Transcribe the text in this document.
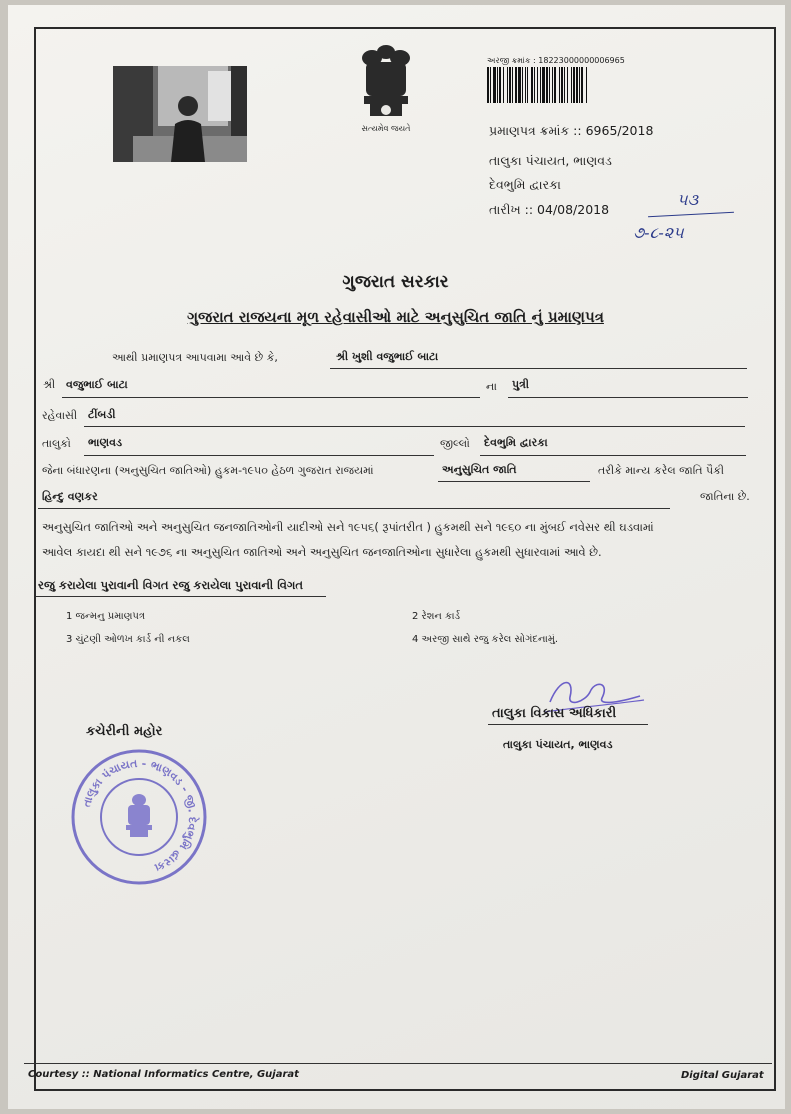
સત્યમેવ જયતે
અરજી ક્રમાંક : 18223000000006965
પ્રમાણપત્ર ક્રમાંક :: 6965/2018
તાલુકા પંચાયત, ભાણવડ
દેવભુમિ દ્વારકા
તારીખ :: 04/08/2018
૫૩
૭-૮-૨૫
ગુજરાત સરકાર
ગુજરાત રાજયના મૂળ રહેવાસીઓ માટે અનુસુચિત જાતિ નું પ્રમાણપત્ર
આથી પ્રમાણપત્ર આપવામા આવે છે કે,	શ્રી ખુશી વજુભાઈ બાટા
શ્રી વજુભાઈ બાટા	ના પુત્રી
રહેવાસી ટીંબડી
તાલુકો ભાણવડ	જીલ્લો દેવભુમિ દ્વારકા
જેના બંધારણના (અનુસુચિત જાતિઓ) હુકમ-૧૯૫૦ હેઠળ ગુજરાત રાજયમાં	અનુસુચિત જાતિ	તરીકે માન્ય કરેલ જાતિ પૈકી
હિન્દુ વણકર	જાતિના છે.
અનુસુચિત જાતિઓ અને અનુસુચિત જનજાતિઓની યાદીઓ સને ૧૯૫૬( રૂપાંતરીત ) હુકમથી સને ૧૯૬૦ ના મુંબઈ નવેસર થી ઘડવામાં
આવેલ કાયદા થી સને ૧૯૭૬ ના અનુસુચિત જાતિઓ અને અનુસુચિત જનજાતિઓના સુધારેલા હુકમથી સુધારવામાં આવે છે.
રજુ કરાયેલા પુરાવાની વિગત રજુ કરાયેલા પુરાવાની વિગત
1 જન્મનુ પ્રમાણપત્ર	2 રેશન કાર્ડ
3 ચુંટણી ઓળખ કાર્ડ ની નકલ	4 અરજી સાથે રજુ કરેલ સોગંદનામું.
તાલુકા વિકાસ અધિકારી
તાલુકા પંચાયત, ભાણવડ
કચેરીની મહોર
તાલુકા પંચાયત - ભાણવડ - જી. દેવભુમિ દ્વારકા
Courtesy :: National Informatics Centre, Gujarat	Digital Gujarat
